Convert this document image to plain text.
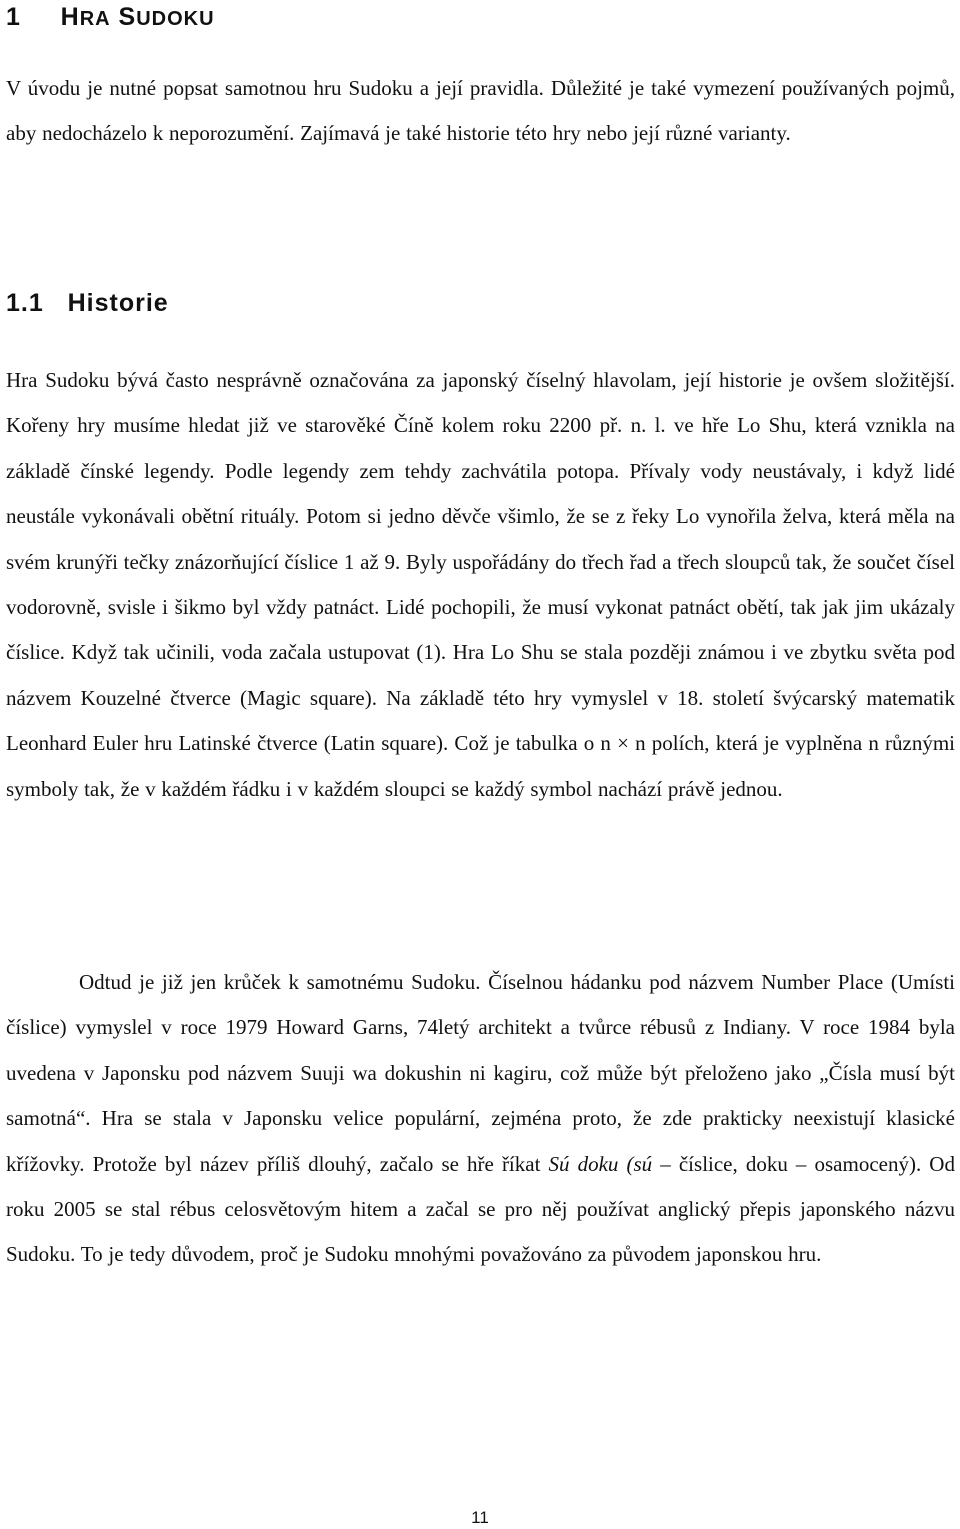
1 HRA SUDOKU

V úvodu je nutné popsat samotnou hru Sudoku a její pravidla. Důležité je také vymezení používaných pojmů, aby nedocházelo k neporozumění. Zajímavá je také historie této hry nebo její různé varianty.

1.1 Historie

Hra Sudoku bývá často nesprávně označována za japonský číselný hlavolam, její historie je ovšem složitější. Kořeny hry musíme hledat již ve starověké Číně kolem roku 2200 př. n. l. ve hře Lo Shu, která vznikla na základě čínské legendy. Podle legendy zem tehdy zachvátila potopa. Přívaly vody neustávaly, i když lidé neustále vykonávali obětní rituály. Potom si jedno děvče všimlo, že se z řeky Lo vynořila želva, která měla na svém krunýři tečky znázorňující číslice 1 až 9. Byly uspořádány do třech řad a třech sloupců tak, že součet čísel vodorovně, svisle i šikmo byl vždy patnáct. Lidé pochopili, že musí vykonat patnáct obětí, tak jak jim ukázaly číslice. Když tak učinili, voda začala ustupovat (1). Hra Lo Shu se stala později známou i ve zbytku světa pod názvem Kouzelné čtverce (Magic square). Na základě této hry vymyslel v 18. století švýcarský matematik Leonhard Euler hru Latinské čtverce (Latin square). Což je tabulka o n × n polích, která je vyplněna n různými symboly tak, že v každém řádku i v každém sloupci se každý symbol nachází právě jednou.

Odtud je již jen krůček k samotnému Sudoku. Číselnou hádanku pod názvem Number Place (Umísti číslice) vymyslel v roce 1979 Howard Garns, 74letý architekt a tvůrce rébusů z Indiany. V roce 1984 byla uvedena v Japonsku pod názvem Suuji wa dokushin ni kagiru, což může být přeloženo jako „Čísla musí být samotná“. Hra se stala v Japonsku velice populární, zejména proto, že zde prakticky neexistují klasické křížovky. Protože byl název příliš dlouhý, začalo se hře říkat Sú doku (sú – číslice, doku – osamocený). Od roku 2005 se stal rébus celosvětovým hitem a začal se pro něj používat anglický přepis japonského názvu Sudoku. To je tedy důvodem, proč je Sudoku mnohými považováno za původem japonskou hru.

11
